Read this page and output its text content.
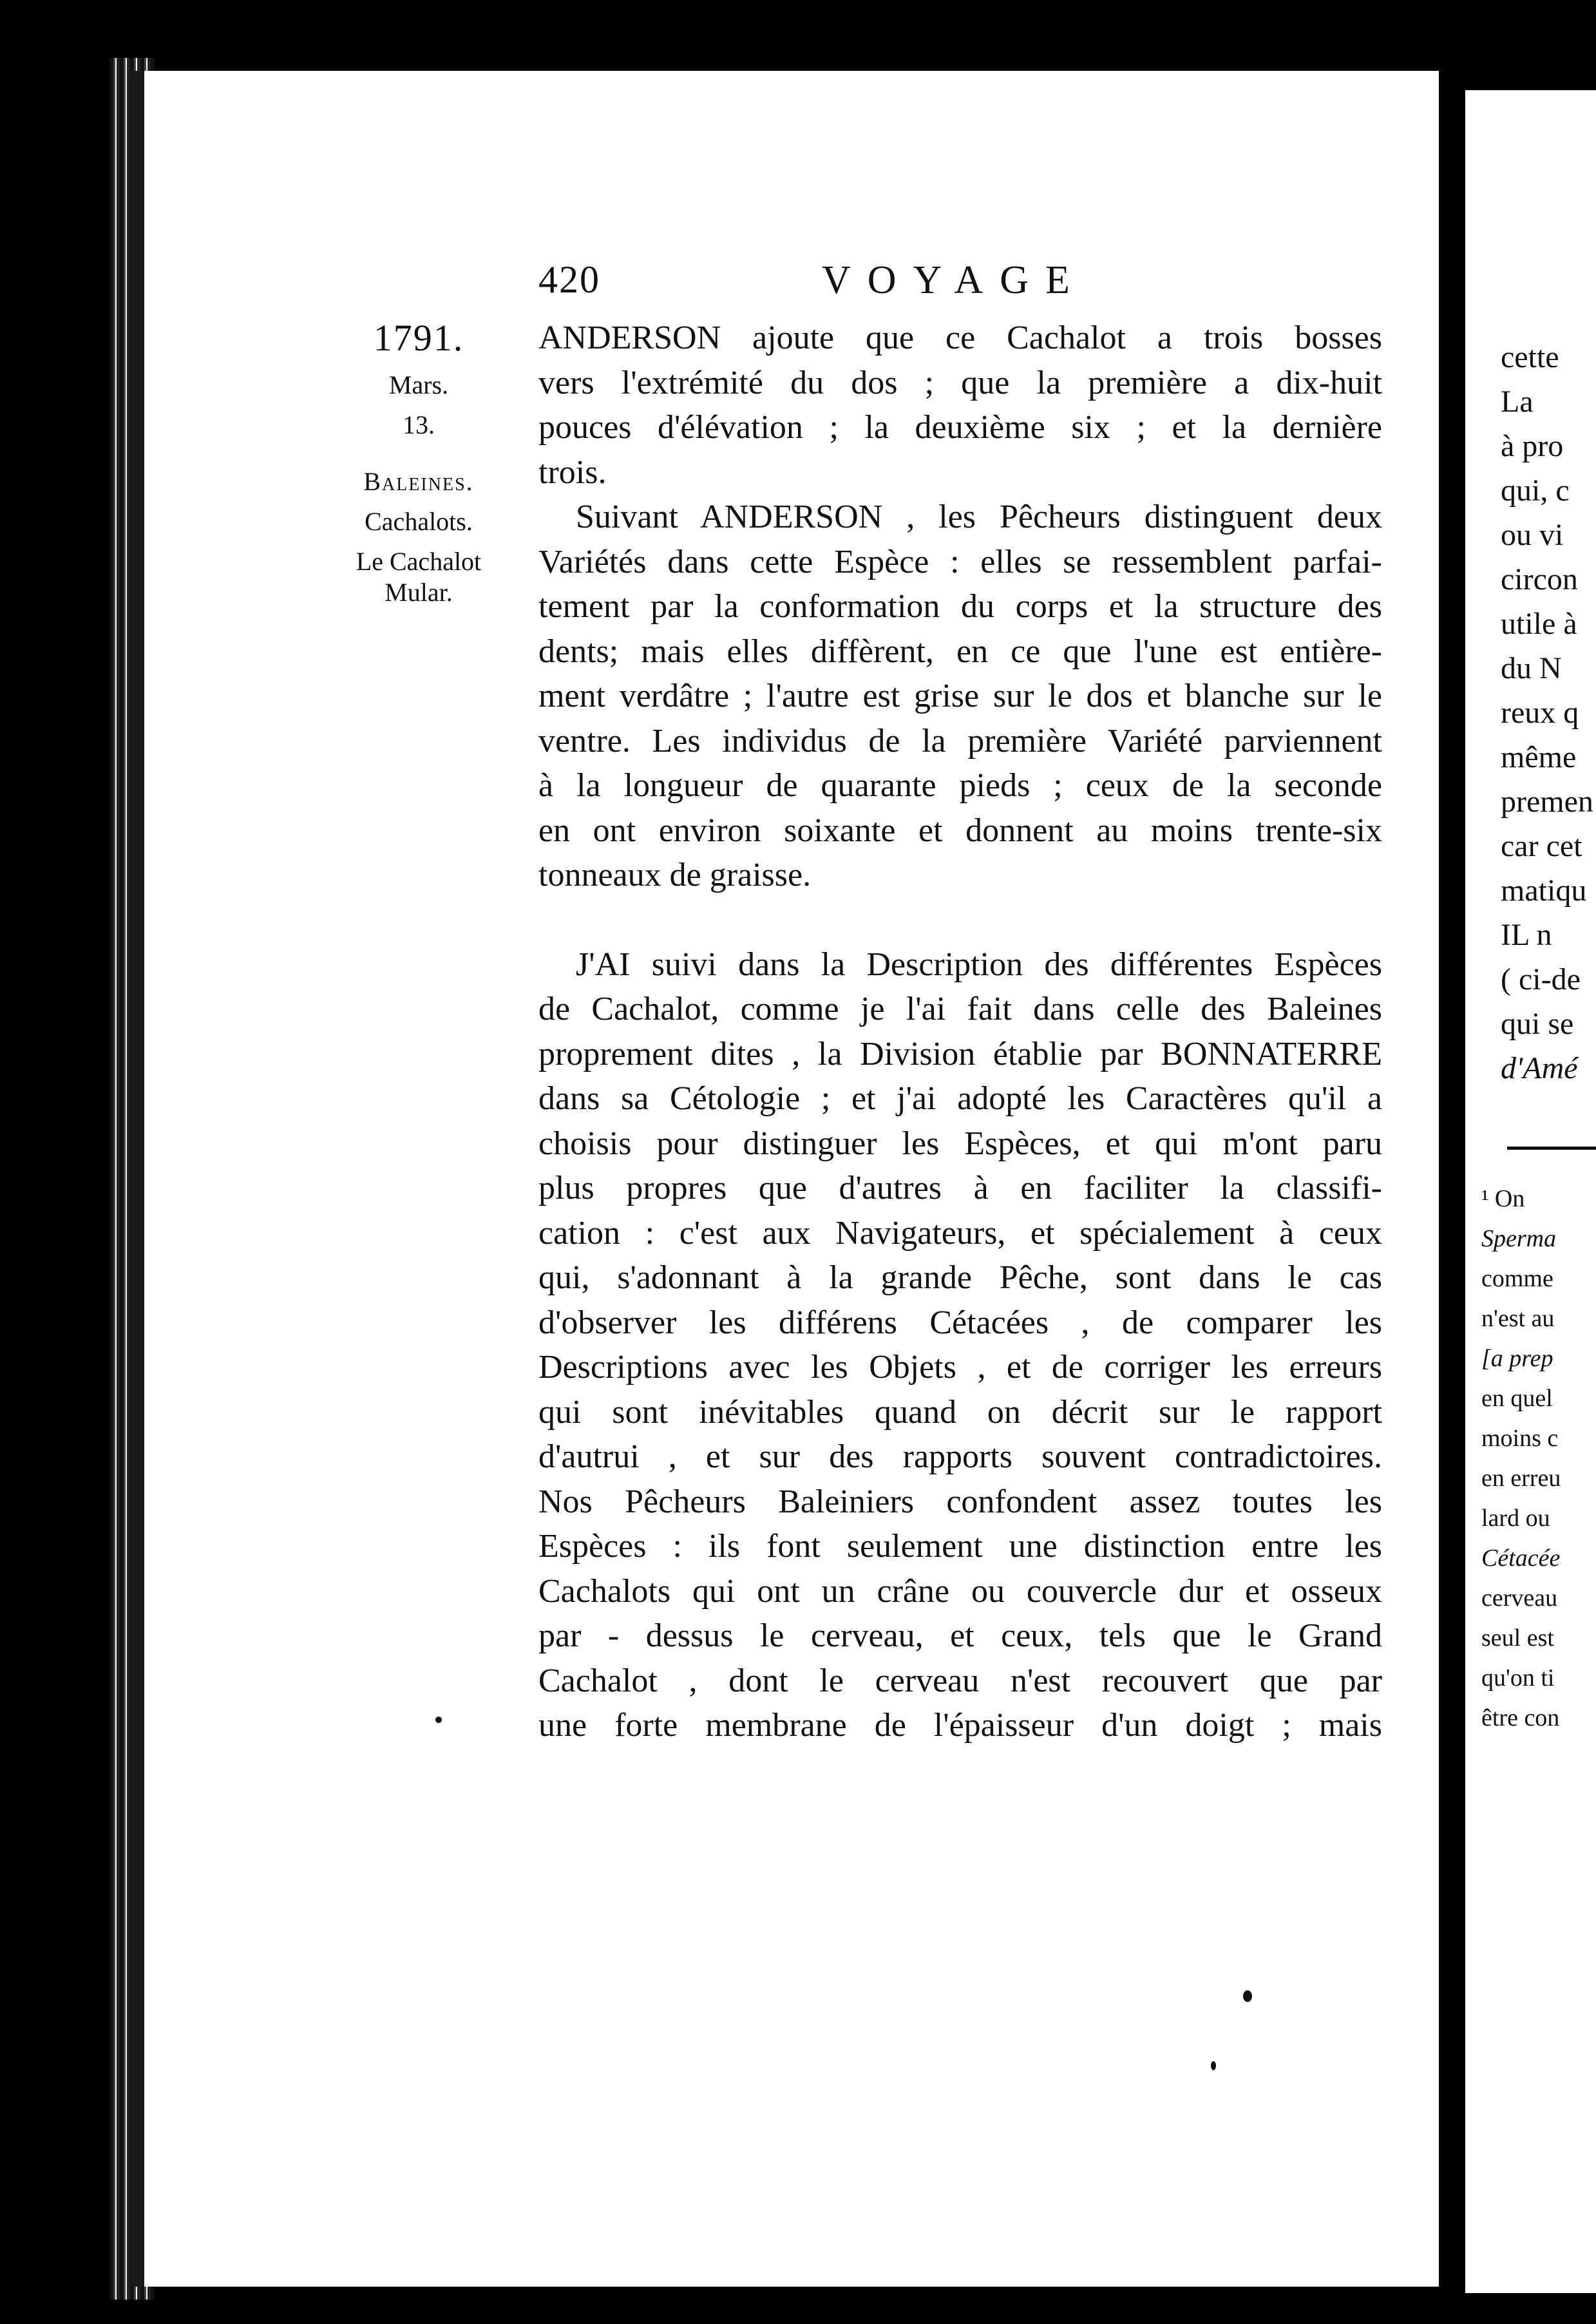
420	VOYAGE
1791.
Mars.
13.
Baleines.
Cachalots.
Le Cachalot
Mular.

ANDERSON ajoute que ce Cachalot a trois bosses
vers l'extrémité du dos ; que la première a dix-huit
pouces d'élévation ; la deuxième six ; et la dernière
trois.

Suivant ANDERSON , les Pêcheurs distinguent deux
Variétés dans cette Espèce : elles se ressemblent parfai-
tement par la conformation du corps et la structure des
dents; mais elles diffèrent, en ce que l'une est entière-
ment verdâtre ; l'autre est grise sur le dos et blanche sur le
ventre. Les individus de la première Variété parviennent
à la longueur de quarante pieds ; ceux de la seconde
en ont environ soixante et donnent au moins trente-six
tonneaux de graisse.

J'AI suivi dans la Description des différentes Espèces
de Cachalot, comme je l'ai fait dans celle des Baleines
proprement dites , la Division établie par BONNATERRE
dans sa Cétologie ; et j'ai adopté les Caractères qu'il a
choisis pour distinguer les Espèces, et qui m'ont paru
plus propres que d'autres à en faciliter la classifi-
cation : c'est aux Navigateurs, et spécialement à ceux
qui, s'adonnant à la grande Pêche, sont dans le cas
d'observer les différens Cétacées , de comparer les
Descriptions avec les Objets , et de corriger les erreurs
qui sont inévitables quand on décrit sur le rapport
d'autrui , et sur des rapports souvent contradictoires.
Nos Pêcheurs Baleiniers confondent assez toutes les
Espèces : ils font seulement une distinction entre les
Cachalots qui ont un crâne ou couvercle dur et osseux
par - dessus le cerveau, et ceux, tels que le Grand
Cachalot , dont le cerveau n'est recouvert que par
une forte membrane de l'épaisseur d'un doigt ; mais

cette
La
à pro
qui, c
ou vi
circon
utile à
du N
reux q
même
premen
car cet
matiqu
IL n
( ci-de
qui se
d'Amé
¹ On
Sperma
comme
n'est au
[a prep
en quel
moins c
en erreu
lard ou
Cétacée
cerveau
seul est
qu'on ti
être con
